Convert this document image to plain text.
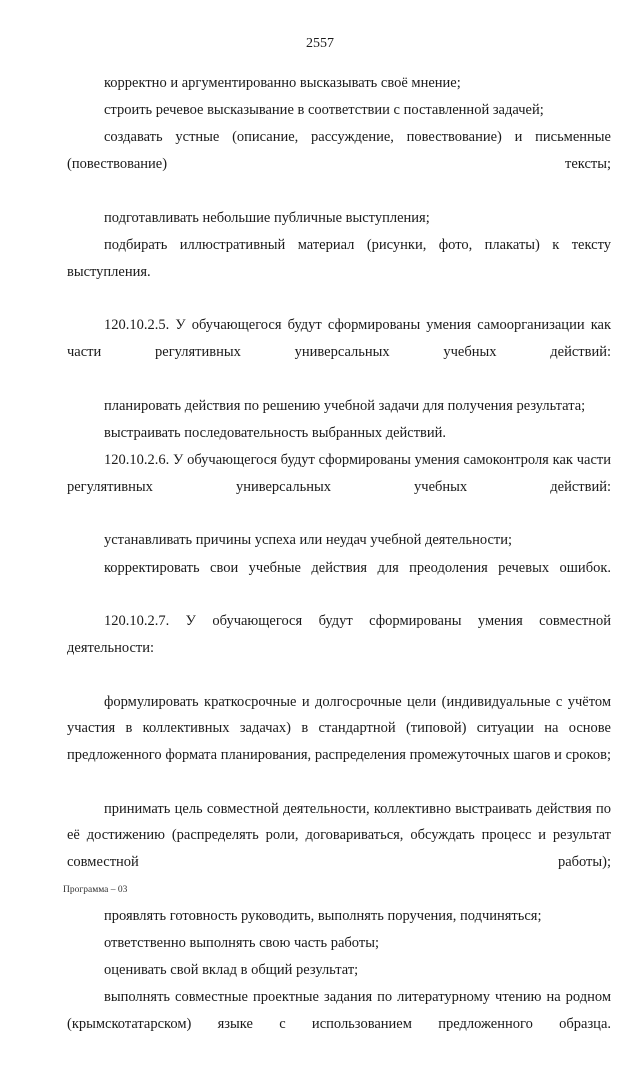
2557

корректно и аргументированно высказывать своё мнение;

строить речевое высказывание в соответствии с поставленной задачей;

создавать устные (описание, рассуждение, повествование) и письменные (повествование) тексты;

подготавливать небольшие публичные выступления;

подбирать иллюстративный материал (рисунки, фото, плакаты) к тексту выступления.

120.10.2.5. У обучающегося будут сформированы умения самоорганизации как части регулятивных универсальных учебных действий:

планировать действия по решению учебной задачи для получения результата;

выстраивать последовательность выбранных действий.

120.10.2.6. У обучающегося будут сформированы умения самоконтроля как части регулятивных универсальных учебных действий:

устанавливать причины успеха или неудач учебной деятельности;

корректировать свои учебные действия для преодоления речевых ошибок.

120.10.2.7. У обучающегося будут сформированы умения совместной деятельности:

формулировать краткосрочные и долгосрочные цели (индивидуальные с учётом участия в коллективных задачах) в стандартной (типовой) ситуации на основе предложенного формата планирования, распределения промежуточных шагов и сроков;

принимать цель совместной деятельности, коллективно выстраивать действия по её достижению (распределять роли, договариваться, обсуждать процесс и результат совместной работы);

проявлять готовность руководить, выполнять поручения, подчиняться;

ответственно выполнять свою часть работы;

оценивать свой вклад в общий результат;

выполнять совместные проектные задания по литературному чтению на родном (крымскотатарском) языке с использованием предложенного образца.

Программа – 03
